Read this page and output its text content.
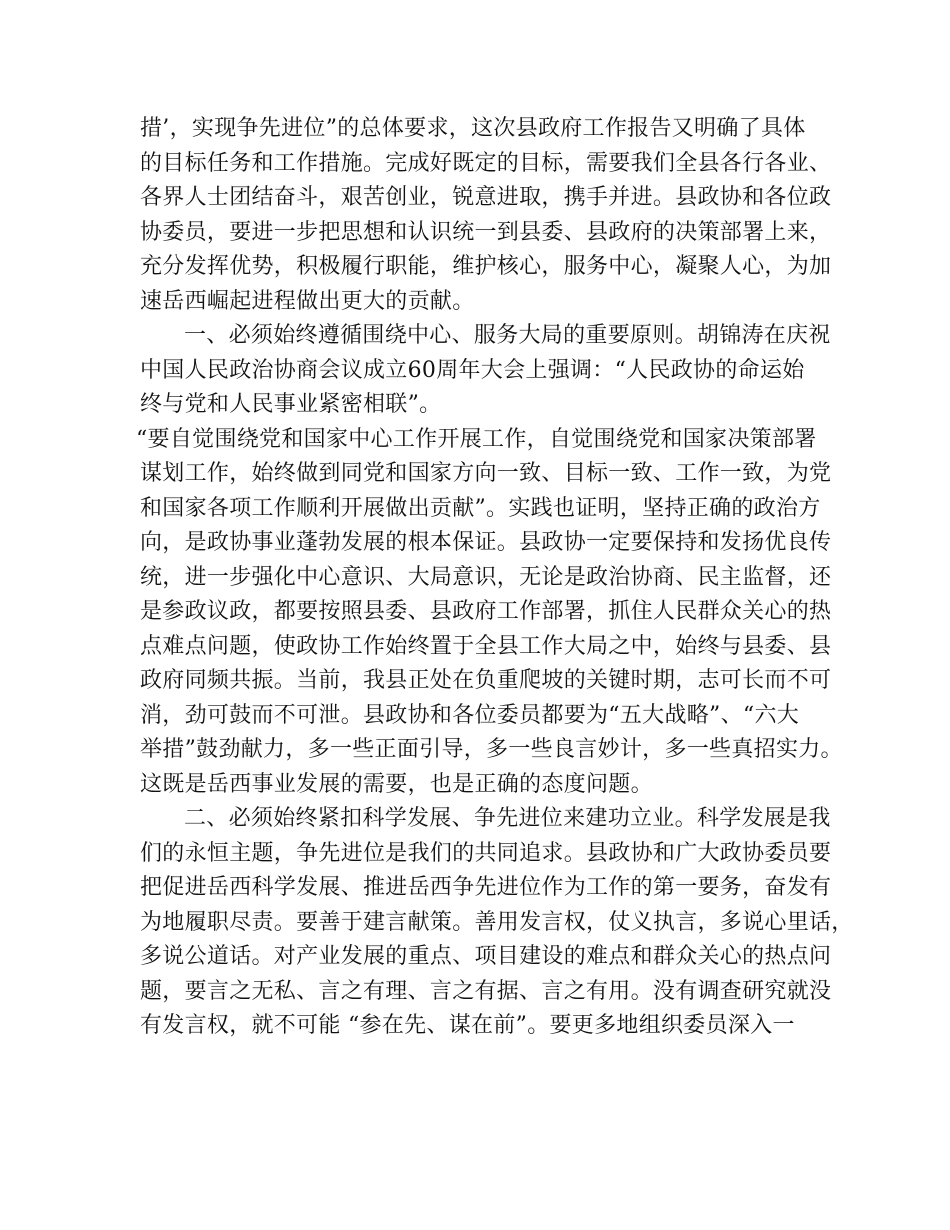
措’，实现争先进位”的总体要求，这次县政府工作报告又明确了具体
的目标任务和工作措施。完成好既定的目标，需要我们全县各行各业、
各界人士团结奋斗，艰苦创业，锐意进取，携手并进。县政协和各位政
协委员，要进一步把思想和认识统一到县委、县政府的决策部署上来，
充分发挥优势，积极履行职能，维护核心，服务中心，凝聚人心，为加
速岳西崛起进程做出更大的贡献。
一、必须始终遵循围绕中心、服务大局的重要原则。胡锦涛在庆祝
中国人民政治协商会议成立60周年大会上强调：“人民政协的命运始
终与党和人民事业紧密相联”。
“要自觉围绕党和国家中心工作开展工作，自觉围绕党和国家决策部署
谋划工作，始终做到同党和国家方向一致、目标一致、工作一致，为党
和国家各项工作顺利开展做出贡献”。实践也证明，坚持正确的政治方
向，是政协事业蓬勃发展的根本保证。县政协一定要保持和发扬优良传
统，进一步强化中心意识、大局意识，无论是政治协商、民主监督，还
是参政议政，都要按照县委、县政府工作部署，抓住人民群众关心的热
点难点问题，使政协工作始终置于全县工作大局之中，始终与县委、县
政府同频共振。当前，我县正处在负重爬坡的关键时期，志可长而不可
消，劲可鼓而不可泄。县政协和各位委员都要为“五大战略”、“六大
举措”鼓劲献力，多一些正面引导，多一些良言妙计，多一些真招实力。
这既是岳西事业发展的需要，也是正确的态度问题。
二、必须始终紧扣科学发展、争先进位来建功立业。科学发展是我
们的永恒主题，争先进位是我们的共同追求。县政协和广大政协委员要
把促进岳西科学发展、推进岳西争先进位作为工作的第一要务，奋发有
为地履职尽责。要善于建言献策。善用发言权，仗义执言，多说心里话，
多说公道话。对产业发展的重点、项目建设的难点和群众关心的热点问
题，要言之无私、言之有理、言之有据、言之有用。没有调查研究就没
有发言权，就不可能 “参在先、谋在前”。要更多地组织委员深入一
